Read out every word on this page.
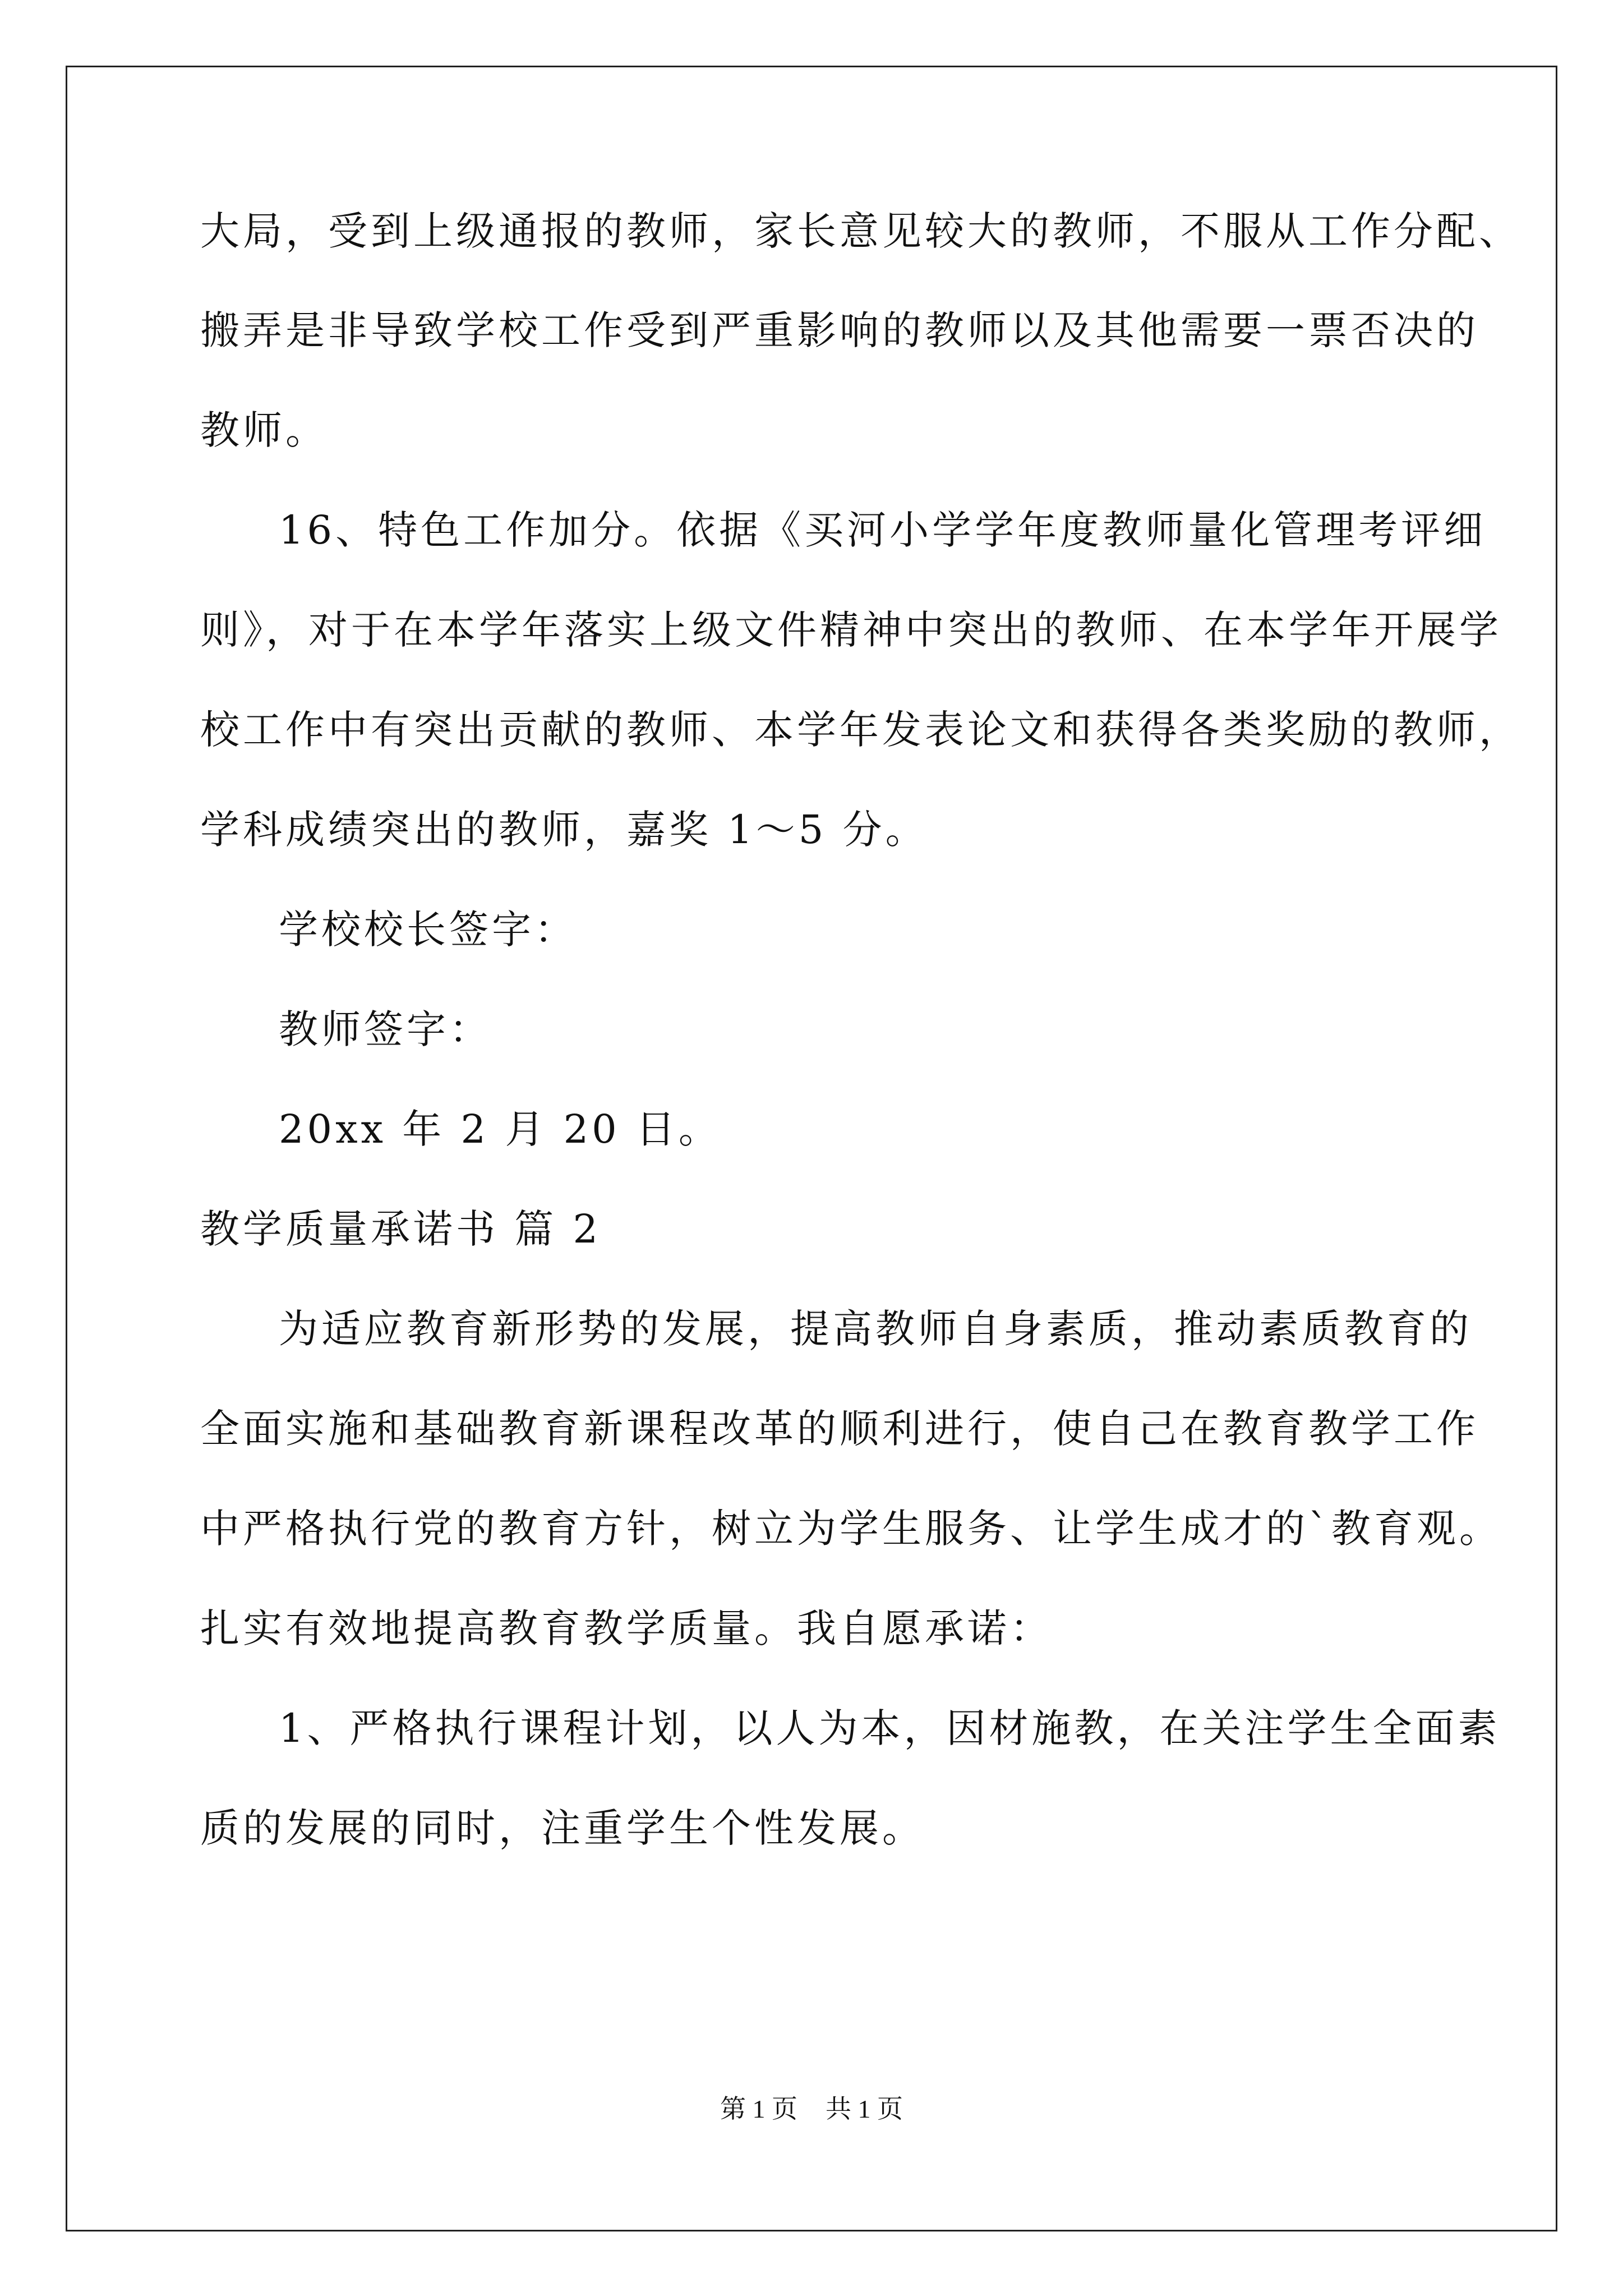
大局，受到上级通报的教师，家长意见较大的教师，不服从工作分配、
搬弄是非导致学校工作受到严重影响的教师以及其他需要一票否决的
教师。
16、特色工作加分。依据《买河小学学年度教师量化管理考评细
则》，对于在本学年落实上级文件精神中突出的教师、在本学年开展学
校工作中有突出贡献的教师、本学年发表论文和获得各类奖励的教师，
学科成绩突出的教师，嘉奖 1～5 分。
学校校长签字：
教师签字：
20xx 年 2 月 20 日。
教学质量承诺书 篇 2
为适应教育新形势的发展，提高教师自身素质，推动素质教育的
全面实施和基础教育新课程改革的顺利进行，使自己在教育教学工作
中严格执行党的教育方针，树立为学生服务、让学生成才的`教育观。
扎实有效地提高教育教学质量。我自愿承诺：
1、严格执行课程计划，以人为本，因材施教，在关注学生全面素
质的发展的同时，注重学生个性发展。
第 1 页 共 1 页
